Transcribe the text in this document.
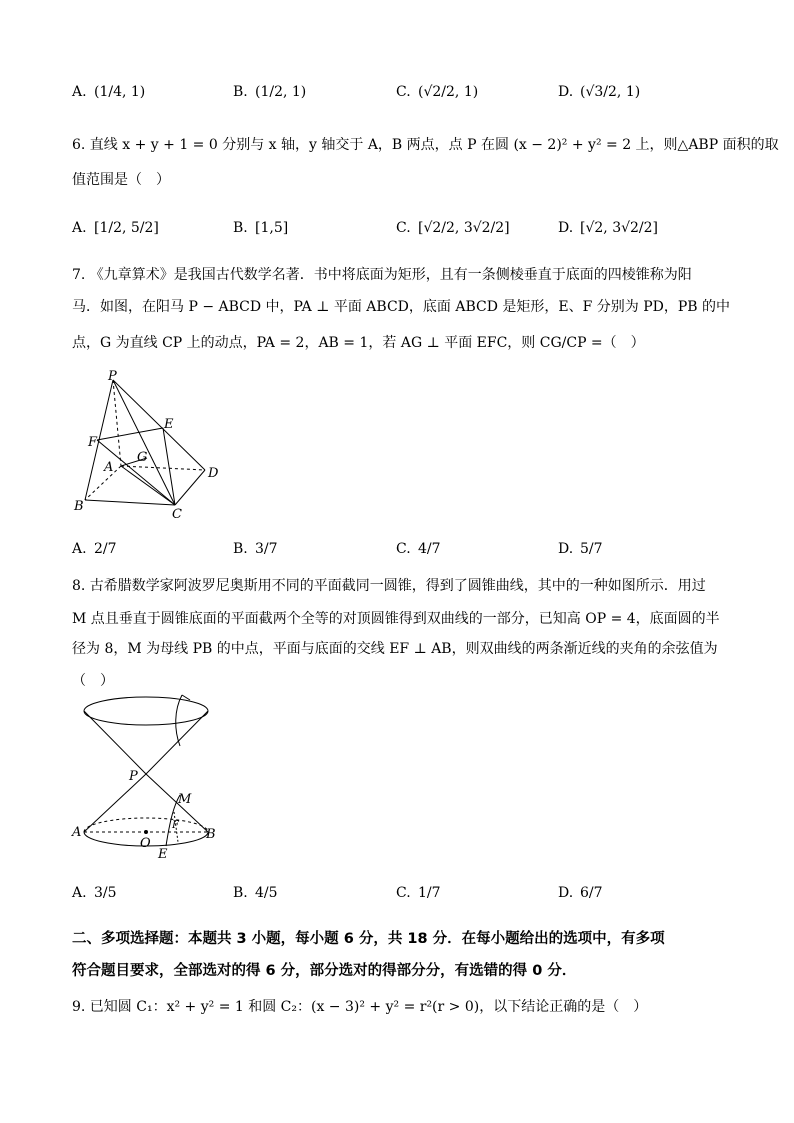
A. (1/4, 1)	B. (1/2, 1)	C. (√2/2, 1)	D. (√3/2, 1)
6. 直线 x + y + 1 = 0 分别与 x 轴，y 轴交于 A，B 两点，点 P 在圆 (x − 2)² + y² = 2 上，则△ABP 面积的取
值范围是（　）
A. [1/2, 5/2]	B. [1,5]	C. [√2/2, 3√2/2]	D. [√2, 3√2/2]
7. 《九章算术》是我国古代数学名著．书中将底面为矩形，且有一条侧棱垂直于底面的四棱锥称为阳
马．如图，在阳马 P − ABCD 中，PA ⊥ 平面 ABCD，底面 ABCD 是矩形，E、F 分别为 PD，PB 的中
点，G 为直线 CP 上的动点，PA = 2，AB = 1，若 AG ⊥ 平面 EFC，则 CG/CP =（　）
P
E
F
G
A	D
B
C
A. 2/7	B. 3/7	C. 4/7	D. 5/7
8. 古希腊数学家阿波罗尼奥斯用不同的平面截同一圆锥，得到了圆锥曲线，其中的一种如图所示．用过
M 点且垂直于圆锥底面的平面截两个全等的对顶圆锥得到双曲线的一部分，已知高 OP = 4，底面圆的半
径为 8，M 为母线 PB 的中点，平面与底面的交线 EF ⊥ AB，则双曲线的两条渐近线的夹角的余弦值为
（　）
P
M
F
A
O
E
B
A. 3/5	B. 4/5	C. 1/7	D. 6/7
二、多项选择题：本题共 3 小题，每小题 6 分，共 18 分．在每小题给出的选项中，有多项
符合题目要求，全部选对的得 6 分，部分选对的得部分分，有选错的得 0 分．
9. 已知圆 C₁：x² + y² = 1 和圆 C₂：(x − 3)² + y² = r²(r > 0)，以下结论正确的是（　）
